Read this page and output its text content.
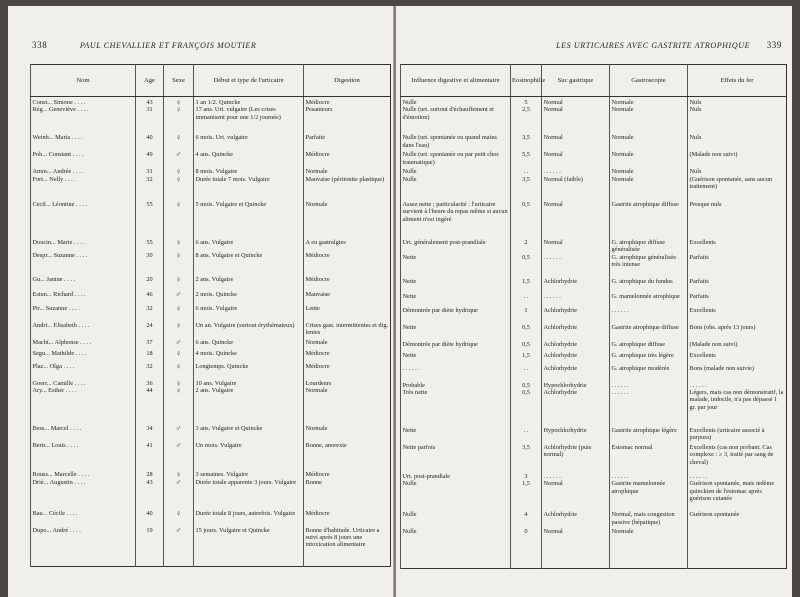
338	PAUL CHEVALLIER ET FRANÇOIS MOUTIER
Nom	Age	Sexe	Début et type de l'urticaire	Digestion
Const... Simone . . . .	43	♀	1 an 1/2. Quincke	Médiocre
Rég... Geneviève . . . .	31	♀	17 ans. Urt. vulgaire (Les crises immanisent pour une 1/2 journée)	Pesanteurs
Weinb... Maria . . . .	40	♀	6 mois. Urt. vulgaire	Parfaite
Poh... Constant . . . .	49	♂	4 ans. Quincke	Médiocre
Amm... Andrée . . . .	31	♀	8 mois. Vulgaire	Normale
Fort... Nelly . . . .	32	♀	Durée totale 7 mois. Vulgaire	Mauvaise (péritonite plastique)
Cecil... Léontine . . . .	55	♀	5 mois. Vulgaire et Quincke	Normale
Doucin... Marie . . . .	55	♀	6 ans. Vulgaire	A eu gastralgies
Despr... Suzanne . . . .	30	♀	8 ans. Vulgaire et Quincke	Médiocre
Gu... Janine . . . .	20	♀	2 ans. Vulgaire	Médiocre
Estun... Richard . . . .	46	♂	2 mois. Quincke	Mauvaise
Pir... Suzanne . . . .	32	♀	6 mois. Vulgaire	Lente
Andri... Elisabeth . . . .	24	♀	Un an. Vulgaire (surtout érythémateux)	Crises gast. intermittentes et dig. lentes
Macht... Alphonse . . . .	37	♂	6 ans. Quincke	Normale
Segu... Mathilde . . . .	18	♀	4 mois. Quincke	Médiocre
Plaz... Olga . . . .	32	♀	Longtemps. Quincke	Médiocre
Goerr... Camille . . . .	36	♀	10 ans. Vulgaire	Lourdeurs
Ary... Esther . . . .	44	♀	2 ans. Vulgaire	Normale
Bess... Marcel . . . .	34	♂	3 ans. Vulgaire et Quincke	Normale
Bertr... Louis . . . .	41	♂	Un mois. Vulgaire	Bonne, anorexie
Rouss... Marcelle . . . .	28	♀	3 semaines. Vulgaire	Médiocre
Drié... Augustin . . . .	43	♂	Durée totale apparente 3 jours. Vulgaire	Bonne
Bau... Cécile . . . .	40	♀	Durée totale 8 jours, autrefois. Vulgaire	Médiocre
Dupo... André . . . .	19	♂	15 jours. Vulgaire et Quincke	Bonne d'habitude. Urticaire a suivi après 8 jours une intoxication alimentaire
LES URTICAIRES AVEC GASTRITE ATROPHIQUE 339
Influence digestive et alimentaire	Eosinophilie	Suc gastrique	Gastroscopie	Effets du fer
Nulle	5	Normal	Normale	Nuls
Nulle (urt. surtout d'échauffement et d'émotion)	2,5	Normal	Normale	Nuls
Nulle (urt. spontanée ou quand mains dans l'eau)	3,5	Normal	Normale	Nuls
Nulle (urt. spontanée ou par petit choc traumatique)	5,5	Normal	Normale	(Malade non suivi)
Nulle	. .	. . . . . .	Normale	Nuls
Nulle	3,5	Normal (faible)	Normale	(Guérison spontanée, sans aucun traitement)
Assez nette ; particularité : l'urticaire survient à l'heure du repas même si aucun aliment n'est ingéré	0,5	Normal	Gastrite atrophique diffuse	Presque nuls
Urt. généralement post-prandiale	2	Normal	G. atrophique diffuse généralisée	Excellents
Nette	0,5	. . . . . .	G. atrophique généralisée très intense	Parfaits
Nette	1,5	Achlorhydrie	G. atrophique du fundus	Parfaits
Nette	. .	. . . . . .	G. mamelonnée atrophique	Parfaits
Démontrée par diète hydrique	1	Achlorhydrie	. . . . . .	Excellents
Nette	0,5	Achlorhydrie	Gastrite atrophique diffuse	Bons (obs. après 13 jours)
Démontrée par diète hydrique	0,5	Achlorhydrie	G. atrophique diffuse	(Malade non suivi)
Nette	1,5	Achlorhydrie	G. atrophique très légère	Excellents
. . . . . .	. .	Achlorhydrie	G. atrophique modérée	Bons (malade non suivie)
Probable	0,5	Hypochlorhydrie	. . . . . .	. . . . . .
Très nette	0,5	Achlorhydrie	. . . . . .	Légers, mais cas non démonstratif, la malade, indocile, n'a pas dépassé 1 gr. par jour
Nette	. .	Hypochlorhydrie	Gastrite atrophique légère	Excellents (urticaire associé à purpura)
Nette parfois	3,5	Achlorhydrie (puis normal)	Estomac normal	Excellents (cas non probant. Cas complexe : ≥ 3, traité par sang de cheval)
Urt. post-prandiale	3	. . . . . .	. . . . . .	. . . . . .
Nulle	1,5	Normal	Gastrite mamelonnée atrophique	Guérison spontanée, mais œdème quinckien de l'estomac après guérison cutanée
Nulle	4	Achlorhydrie	Normal, mais congestion passive (hépatique)	Guérison spontanée
Nulle	0	Normal	Normale	
